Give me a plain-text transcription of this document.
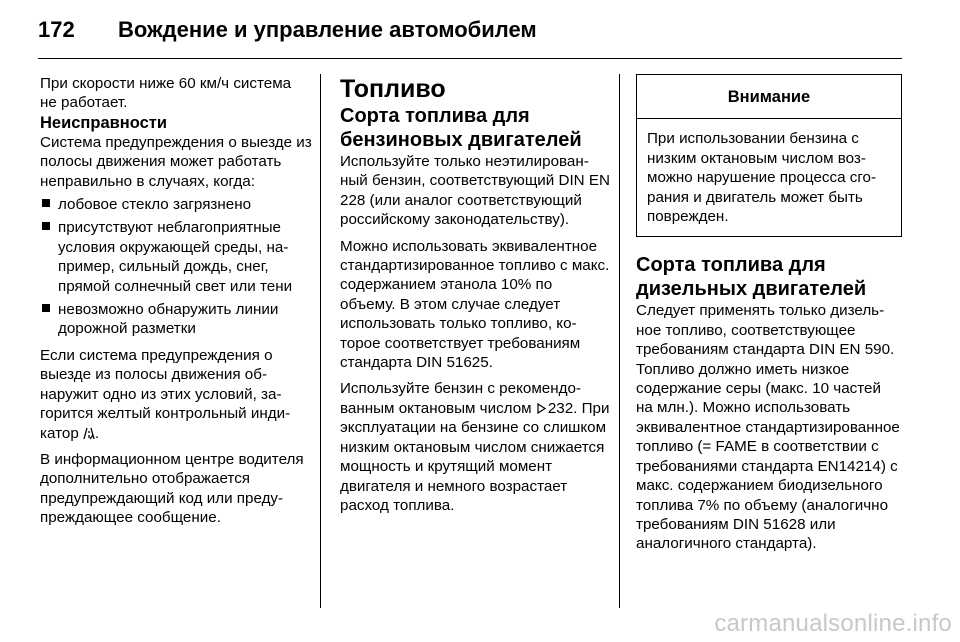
172	Вождение и управление автомобилем

При скорости ниже 60 км/ч система не работает.

Неисправности

Система предупреждения о выезде из полосы движения может работать неправильно в случаях, когда:

лобовое стекло загрязнено
присутствуют неблагоприятные условия окружающей среды, например, сильный дождь, снег, прямой солнечный свет или тени
невозможно обнаружить линии дорожной разметки

Если система предупреждения о выезде из полосы движения обнаружит одно из этих условий, загорится желтый контрольный индикатор .

В информационном центре водителя дополнительно отображается предупреждающий код или предупреждающее сообщение.

Топливо

Сорта топлива для бензиновых двигателей

Используйте только неэтилированный бензин, соответствующий DIN EN 228 (или аналог соответствующий российскому законодательству).

Можно использовать эквивалентное стандартизированное топливо с макс. содержанием этанола 10% по объему. В этом случае следует использовать только топливо, которое соответствует требованиям стандарта DIN 51625.

Используйте бензин с рекомендованным октановым числом 232. При эксплуатации на бензине со слишком низким октановым числом снижается мощность и крутящий момент двигателя и немного возрастает расход топлива.

Внимание
При использовании бензина с низким октановым числом возможно нарушение процесса сгорания и двигатель может быть поврежден.

Сорта топлива для дизельных двигателей

Следует применять только дизельное топливо, соответствующее требованиям стандарта DIN EN 590. Топливо должно иметь низкое содержание серы (макс. 10 частей на млн.). Можно использовать эквивалентное стандартизированное топливо (= FAME в соответствии с требованиями стандарта EN14214) с макс. содержанием биодизельного топлива 7% по объему (аналогично требованиям DIN 51628 или аналогичного стандарта).

carmanualsonline.info
